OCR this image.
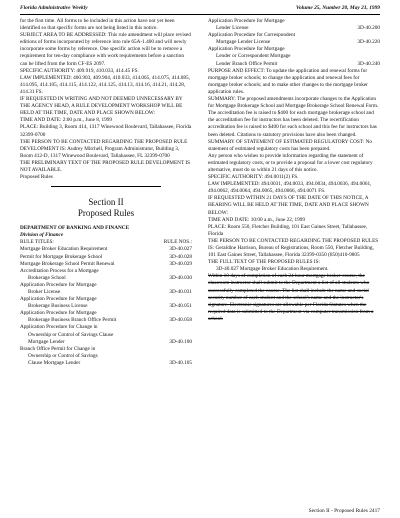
Florida Administrative Weekly	Volume 25, Number 20, May 21, 1999

for the first time. All forms to be included in this action have not yet been identified so that specific forms are not being listed in this notice.

SUBJECT AREA TO BE ADDRESSED: This rule amendment will place revised editions of forms incorporated by reference into rule 65A-1.400 and will newly incorporate some forms by reference. One specific action will be to remove a requirement for ten-day compliance with work requirements before a sanction can be lifted from the form CF-ES 2097.

SPECIFIC AUTHORITY: 409.919, 410.033, 414.45 FS.

LAW IMPLEMENTED: 400.903, 409.904, 410.033, 414.065, 414.075, 414.085, 414.095, 414.105, 414.115, 414.122, 414.125, 414.13, 414.16, 414.21, 414.28, 414.31 FS.

IF REQUESTED IN WRITING AND NOT DEEMED UNNECESSARY BY THE AGENCY HEAD, A RULE DEVELOPMENT WORKSHOP WILL BE HELD AT THE TIME, DATE AND PLACE SHOWN BELOW:

TIME AND DATE: 2:00 p.m., June 8, 1999

PLACE: Building 3, Room 414, 1317 Winewood Boulevard, Tallahassee, Florida 32399-0700

THE PERSON TO BE CONTACTED REGARDING THE PROPOSED RULE DEVELOPMENT IS: Audrey Mitchell, Program Administrator, Building 3, Room 412-D, 1317 Winewood Boulevard, Tallahassee, FL 32399-0700

THE PRELIMINARY TEXT OF THE PROPOSED RULE DEVELOPMENT IS NOT AVAILABLE.

Proposed Rules

Section II
Proposed Rules
DEPARTMENT OF BANKING AND FINANCE
Division of Finance
RULE TITLES:	RULE NOS.:
Mortgage Broker Education Requirement	3D-40.027
Permit for Mortgage Brokerage School	3D-40.028
Mortgage Brokerage School Permit Renewal	3D-40.029
Accreditation Process for a Mortgage
Brokerage School	3D-40.030
Application Procedure for Mortgage
Broker License	3D-40.031
Application Procedure for Mortgage
Brokerage Business License	3D-40.051
Application Procedure for Mortgage
Brokerage Business Branch Office Permit	3D-40.058
Application Procedure for Change in
Ownership or Control of Savings Clause
Mortgage Lender	3D-40.100
Branch Office Permit for Change in
Ownership or Control of Savings
Clause Mortgage Lender	3D-40.105
Application Procedure for Mortgage
Lender License	3D-40.200
Application Procedure for Correspondent
Mortgage Lender License	3D-40.220
Application Procedure for Mortgage
Lender or Correspondent Mortgage
Lender Branch Office Permit	3D-40.240

PURPOSE AND EFFECT: To update the application and renewal forms for mortgage broker schools; to change the application and renewal fees for mortgage broker schools; and to make other changes to the mortgage broker application rules.

SUMMARY: The proposed amendments incorporate changes to the Application for Mortgage Brokerage School and Mortgage Brokerage School Renewal Form. The accreditation fee is raised to $400 for each mortgage brokerage school and the accreditation fee for instructors has been deleted. The recertification accreditation fee is raised to $400 for each school and this fee for instructors has been deleted. Citations to statutory provisions have also been changed.

SUMMARY OF STATEMENT OF ESTIMATED REGULATORY COST: No statement of estimated regulatory costs has been prepared.

Any person who wishes to provide information regarding the statement of estimated regulatory costs, or to provide a proposal for a lower cost regulatory alternative, must do so within 21 days of this notice.

SPECIFIC AUTHORITY: 494.0011(2) FS.

LAW IMPLEMENTED: 494.0031, 494.0033, 494.0034, 494.0036, 494.0061, 494.0062, 494.0064, 494.0065, 494.0066, 494.0071 FS.

IF REQUESTED WITHIN 21 DAYS OF THE DATE OF THIS NOTICE, A HEARING WILL BE HELD AT THE TIME, DATE AND PLACE SHOWN BELOW:

TIME AND DATE: 10:00 a.m., June 22, 1999

PLACE: Room 550, Fletcher Building, 101 East Gaines Street, Tallahassee, Florida

THE PERSON TO BE CONTACTED REGARDING THE PROPOSED RULES IS: Geraldine Harrison, Bureau of Registrations, Room 550, Fletcher Building, 101 East Gaines Street, Tallahassee, Florida 32399-0350 (850)410-9805

THE FULL TEXT OF THE PROPOSED RULES IS:

3D-40.027 Mortgage Broker Education Requirement.

Within 10 days of completion of each 24 hour mortgage broker course, the classroom instructor shall submit to the Department a list of all students who successfully completed the course. The list shall include the name and social security number of each student and the school's name and the instructor's signature. Electronic signatures are allowable per Florida Statutes when the required data is submitted to the Department via computer transmission from a school.

Section II - Proposed Rules 2417
